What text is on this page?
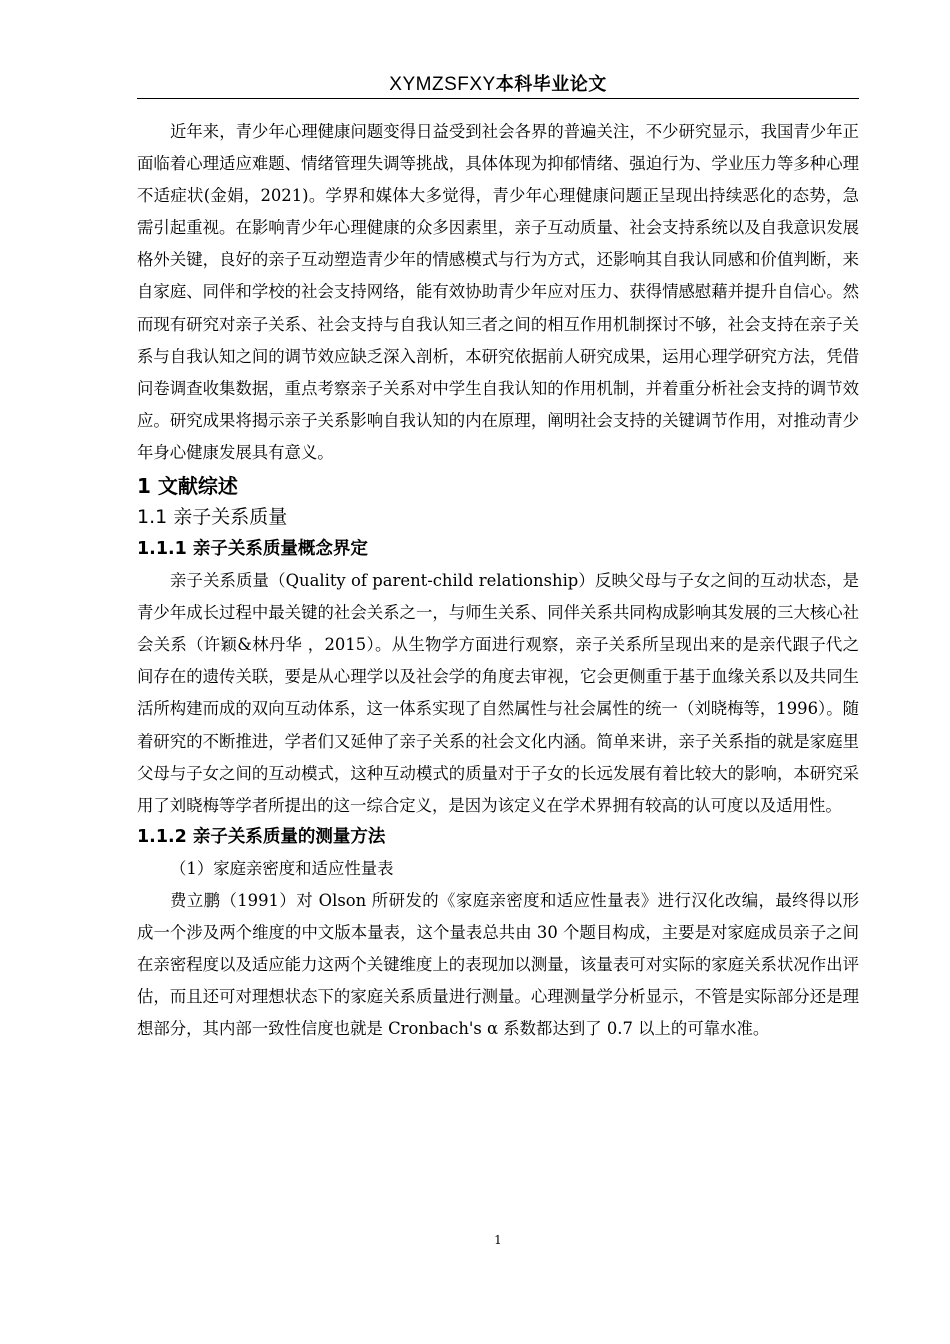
XYMZSFXY本科毕业论文

近年来，青少年心理健康问题变得日益受到社会各界的普遍关注，不少研究显示，我国青少年正面临着心理适应难题、情绪管理失调等挑战，具体体现为抑郁情绪、强迫行为、学业压力等多种心理不适症状(金娟，2021)。学界和媒体大多觉得，青少年心理健康问题正呈现出持续恶化的态势，急需引起重视。在影响青少年心理健康的众多因素里，亲子互动质量、社会支持系统以及自我意识发展格外关键，良好的亲子互动塑造青少年的情感模式与行为方式，还影响其自我认同感和价值判断，来自家庭、同伴和学校的社会支持网络，能有效协助青少年应对压力、获得情感慰藉并提升自信心。然而现有研究对亲子关系、社会支持与自我认知三者之间的相互作用机制探讨不够，社会支持在亲子关系与自我认知之间的调节效应缺乏深入剖析，本研究依据前人研究成果，运用心理学研究方法，凭借问卷调查收集数据，重点考察亲子关系对中学生自我认知的作用机制，并着重分析社会支持的调节效应。研究成果将揭示亲子关系影响自我认知的内在原理，阐明社会支持的关键调节作用，对推动青少年身心健康发展具有意义。

1 文献综述
1.1 亲子关系质量
1.1.1 亲子关系质量概念界定

亲子关系质量（Quality of parent-child relationship）反映父母与子女之间的互动状态，是青少年成长过程中最关键的社会关系之一，与师生关系、同伴关系共同构成影响其发展的三大核心社会关系（许颖&林丹华 ，2015）。从生物学方面进行观察，亲子关系所呈现出来的是亲代跟子代之间存在的遗传关联，要是从心理学以及社会学的角度去审视，它会更侧重于基于血缘关系以及共同生活所构建而成的双向互动体系，这一体系实现了自然属性与社会属性的统一（刘晓梅等，1996）。随着研究的不断推进，学者们又延伸了亲子关系的社会文化内涵。简单来讲，亲子关系指的就是家庭里父母与子女之间的互动模式，这种互动模式的质量对于子女的长远发展有着比较大的影响，本研究采用了刘晓梅等学者所提出的这一综合定义，是因为该定义在学术界拥有较高的认可度以及适用性。

1.1.2 亲子关系质量的测量方法

（1）家庭亲密度和适应性量表

费立鹏（1991）对 Olson 所研发的《家庭亲密度和适应性量表》进行汉化改编，最终得以形成一个涉及两个维度的中文版本量表，这个量表总共由 30 个题目构成，主要是对家庭成员亲子之间在亲密程度以及适应能力这两个关键维度上的表现加以测量，该量表可对实际的家庭关系状况作出评估，而且还可对理想状态下的家庭关系质量进行测量。心理测量学分析显示，不管是实际部分还是理想部分，其内部一致性信度也就是 Cronbach's α 系数都达到了 0.7 以上的可靠水准。

1
